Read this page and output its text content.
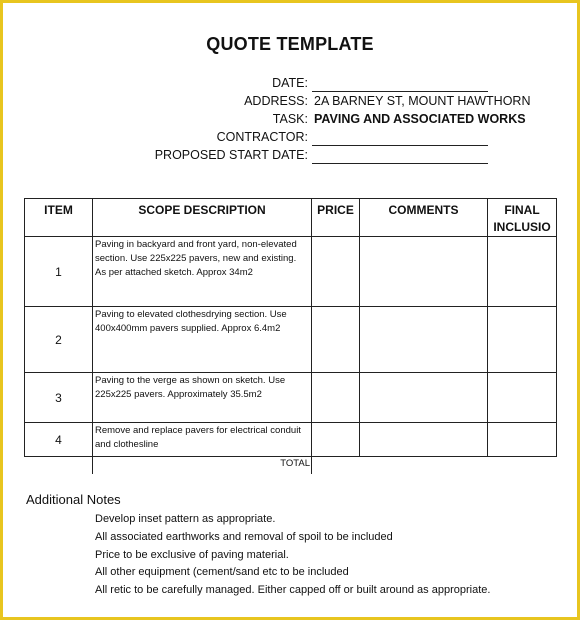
QUOTE TEMPLATE
DATE:
ADDRESS: 2A BARNEY ST, MOUNT HAWTHORN
TASK: PAVING AND ASSOCIATED WORKS
CONTRACTOR:
PROPOSED START DATE:
ITEM	SCOPE DESCRIPTION	PRICE	COMMENTS	FINAL
INCLUSIO
1	Paving in backyard and front yard, non-elevated section. Use 225x225 pavers, new and existing. As per attached sketch. Approx 34m2			
2	Paving to elevated clothesdrying section. Use 400x400mm pavers supplied. Approx 6.4m2			
3	Paving to the verge as shown on sketch. Use 225x225 pavers. Approximately 35.5m2			
4	Remove and replace pavers for electrical conduit and clothesline			
TOTAL
Additional Notes
Develop inset pattern as appropriate.
All associated earthworks and removal of spoil to be included
Price to be exclusive of paving material.
All other equipment (cement/sand etc to be included
All retic to be carefully managed. Either capped off or built around as appropriate.
